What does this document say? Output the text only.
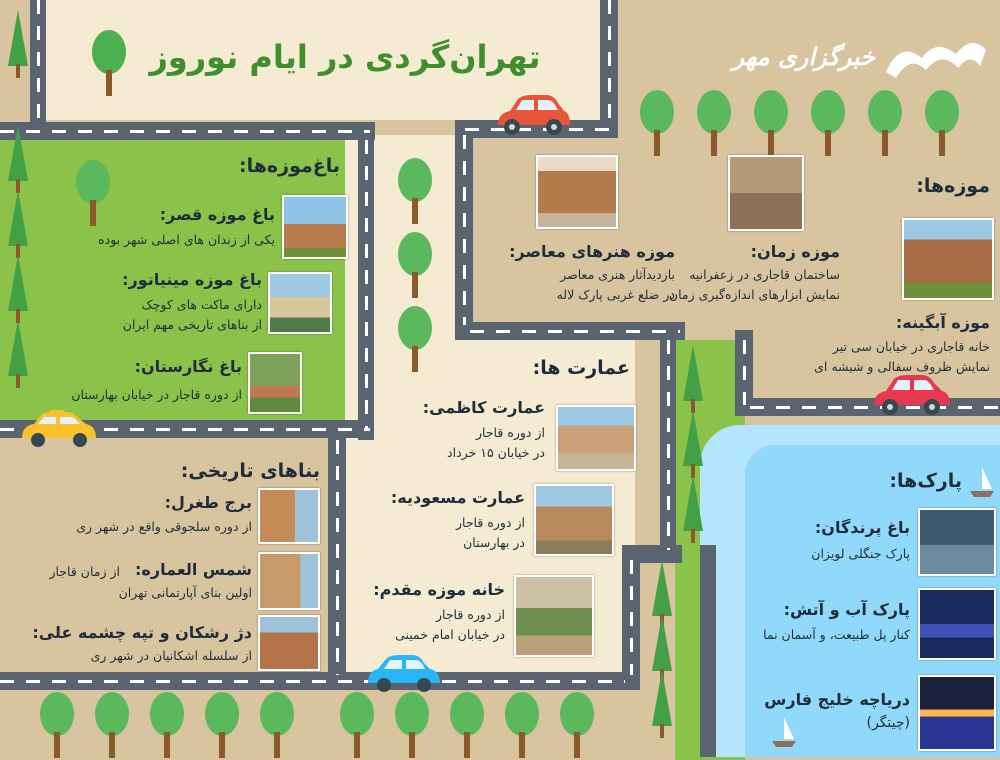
تهران‌گردی در ایام نوروز	خبرگزاری مهر
باغ‌موزه‌ها:
باغ موزه قصر:
یکی از زندان های اصلی شهر بوده
باغ موزه مینیاتور:
دارای ماکت های کوچک
از بناهای تاریخی مهم ایران
باغ نگارستان:
از دوره قاجار در خیابان بهارستان
بناهای تاریخی:
برج طغرل:
از دوره سلجوقی واقع در شهر ری
شمس العماره:
از زمان قاجار
اولین بنای آپارتمانی تهران
دژ رشکان و تپه چشمه علی:
از سلسله اشکانیان در شهر ری
عمارت ها:
عمارت کاظمی:
از دوره قاجار
در خیابان ۱۵ خرداد
عمارت مسعودیه:
از دوره قاجار
در بهارستان
خانه موزه مقدم:
از دوره قاجار
در خیابان امام خمینی
موزه‌ها:
موزه هنرهای معاصر:
بازدیدآثار هنری معاصر
در ضلع غربی پارک لاله
موزه زمان:
ساختمان قاجاری در زعفرانیه
نمایش ابزارهای اندازه‌گیری زمان
موزه آبگینه:
خانه قاجاری در خیابان سی تیر
نمایش ظروف سفالی و شیشه ای
پارک‌ها:
باغ پرندگان:
پارک جنگلی لویزان
پارک آب و آتش:
کنار پل طبیعت، و آسمان نما
دریاچه خلیج فارس
(چیتگر)
